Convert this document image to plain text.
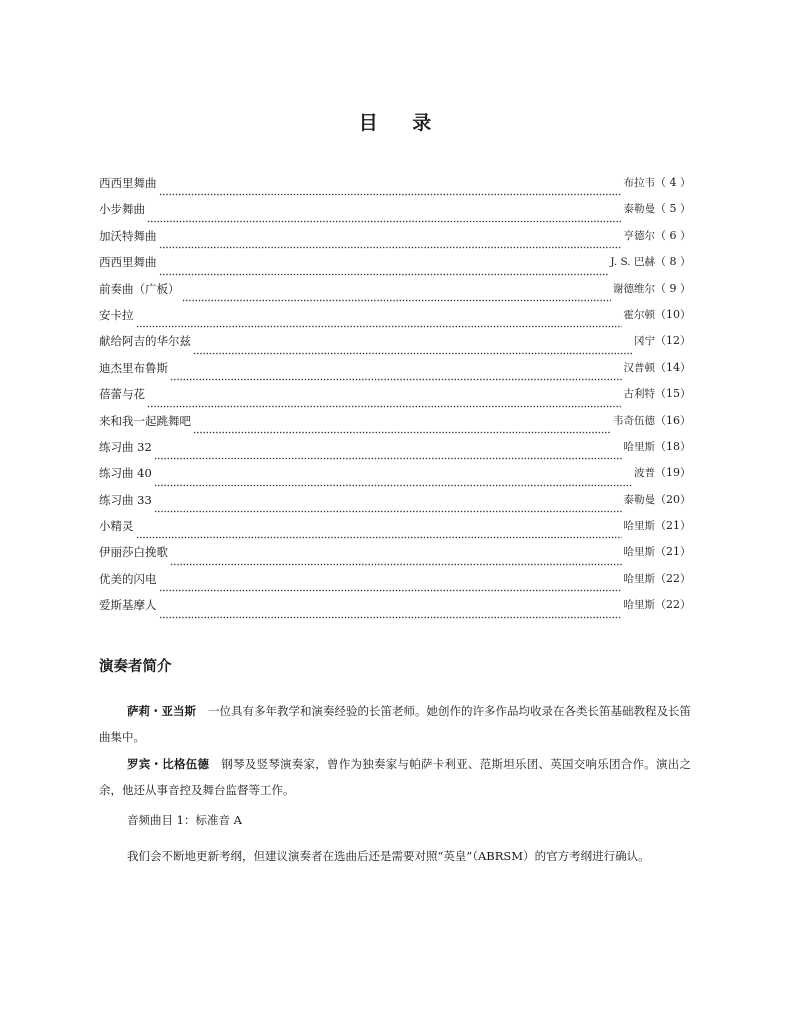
目 录
西西里舞曲	布拉韦 （ 4 ）
小步舞曲	泰勒曼 （ 5 ）
加沃特舞曲	亨德尔 （ 6 ）
西西里舞曲	J. S. 巴赫 （ 8 ）
前奏曲（广板）	谢德维尔 （ 9 ）
安卡拉	霍尔顿 （10）
献给阿吉的华尔兹	冈宁 （12）
迪杰里布鲁斯	汉普顿 （14）
蓓蕾与花	古利特 （15）
来和我一起跳舞吧	韦奇伍德 （16）
练习曲 32	哈里斯 （18）
练习曲 40	波普 （19）
练习曲 33	泰勒曼 （20）
小精灵	哈里斯 （21）
伊丽莎白挽歌	哈里斯 （21）
优美的闪电	哈里斯 （22）
爱斯基摩人	哈里斯 （22）
演奏者简介

萨莉・亚当斯 一位具有多年教学和演奏经验的长笛老师。她创作的许多作品均收录在各类长笛基础教程及长笛曲集中。

罗宾・比格伍德 钢琴及竖琴演奏家，曾作为独奏家与帕萨卡利亚、范斯坦乐团、英国交响乐团合作。演出之余，他还从事音控及舞台监督等工作。

音频曲目 1：标准音 A
我们会不断地更新考纲，但建议演奏者在选曲后还是需要对照“英皇”（ABRSM）的官方考纲进行确认。
